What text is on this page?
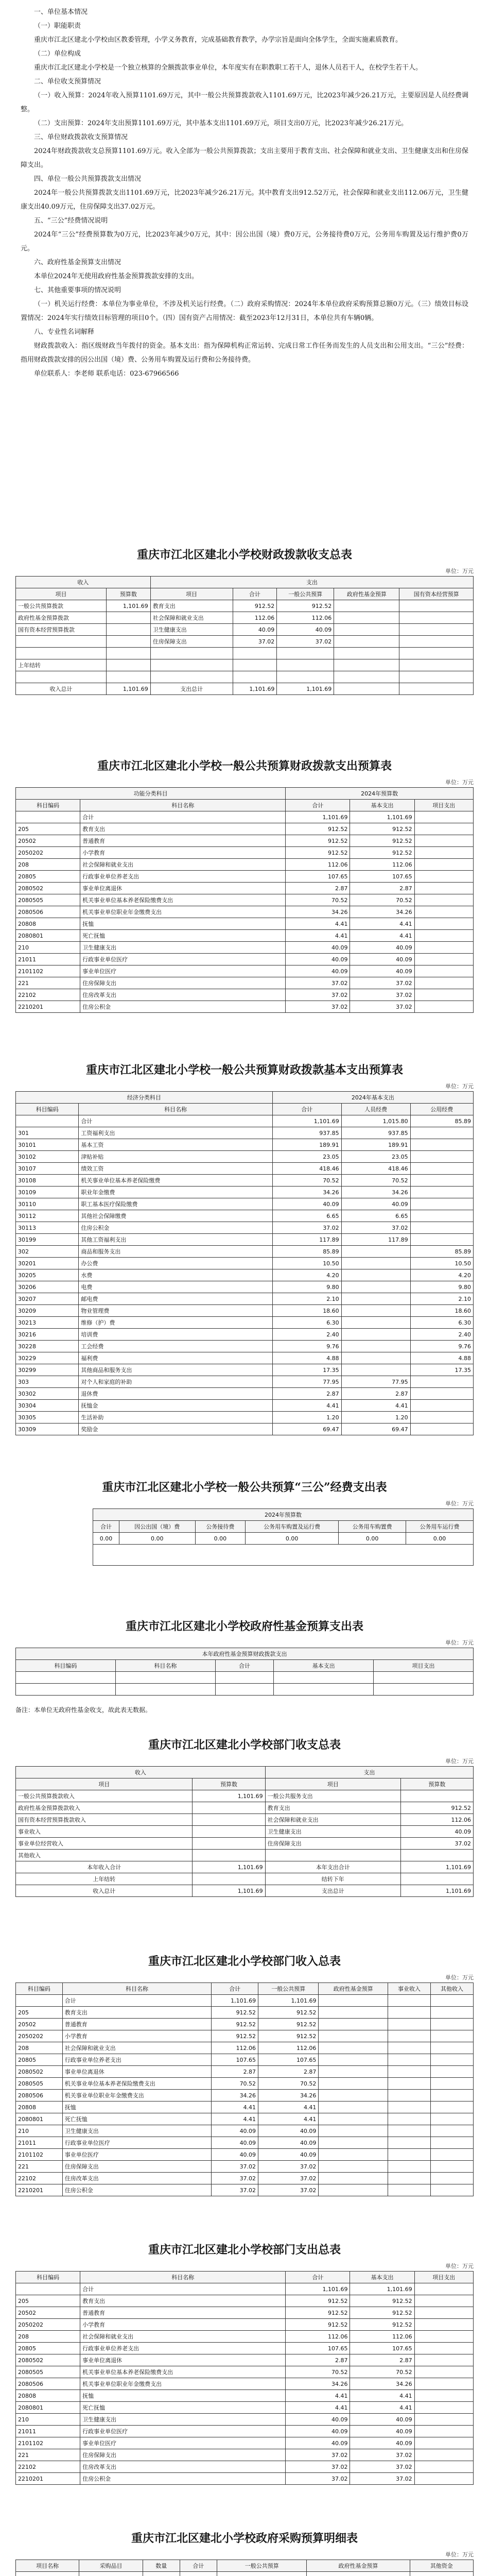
一、单位基本情况
（一）职能职责

重庆市江北区建北小学校由区教委管理，小学义务教育，完成基础教育教学，办学宗旨是面向全体学生，全面实施素质教育。

（二）单位构成

重庆市江北区建北小学校是一个独立核算的全额拨款事业单位，本年度实有在职教职工若干人，退休人员若干人，在校学生若干人。

二、单位收支预算情况

（一）收入预算：2024年收入预算1101.69万元，其中一般公共预算拨款收入1101.69万元，比2023年减少26.21万元，主要原因是人员经费调整。

（二）支出预算：2024年支出预算1101.69万元，其中基本支出1101.69万元，项目支出0万元，比2023年减少26.21万元。

三、单位财政拨款收支预算情况

2024年财政拨款收支总预算1101.69万元。收入全部为一般公共预算拨款；支出主要用于教育支出、社会保障和就业支出、卫生健康支出和住房保障支出。

四、单位一般公共预算拨款支出情况

2024年一般公共预算拨款支出1101.69万元，比2023年减少26.21万元。其中教育支出912.52万元，社会保障和就业支出112.06万元，卫生健康支出40.09万元，住房保障支出37.02万元。

五、“三公”经费情况说明

2024年“三公”经费预算数为0万元，比2023年减少0万元，其中：因公出国（境）费0万元，公务接待费0万元，公务用车购置及运行维护费0万元。

六、政府性基金预算支出情况

本单位2024年无使用政府性基金预算拨款安排的支出。

七、其他重要事项的情况说明

（一）机关运行经费：本单位为事业单位，不涉及机关运行经费。（二）政府采购情况：2024年本单位政府采购预算总额0万元。（三）绩效目标设置情况：2024年实行绩效目标管理的项目0个。（四）国有资产占用情况：截至2023年12月31日，本单位共有车辆0辆。

八、专业性名词解释

财政拨款收入：指区级财政当年拨付的资金。基本支出：指为保障机构正常运转、完成日常工作任务而发生的人员支出和公用支出。“三公”经费：指用财政拨款安排的因公出国（境）费、公务用车购置及运行费和公务接待费。

单位联系人：李老师 联系电话：023-67966566

重庆市江北区建北小学校财政拨款收支总表
单位：万元
收入		支出				
项目	预算数	项目	合计	一般公共预算	政府性基金预算	国有资本经营预算
一般公共预算拨款	1,101.69	教育支出	912.52	912.52		
政府性基金预算拨款		社会保障和就业支出	112.06	112.06		
国有资本经营预算拨款		卫生健康支出	40.09	40.09		
		住房保障支出	37.02	37.02		

上年结转						

收入总计	1,101.69	支出总计	1,101.69	1,101.69		
重庆市江北区建北小学校一般公共预算财政拨款支出预算表
单位：万元
功能分类科目		2024年预算数		
科目编码	科目名称	合计	基本支出	项目支出
	合计	1,101.69	1,101.69	
205	教育支出	912.52	912.52	
20502	普通教育	912.52	912.52	
2050202	小学教育	912.52	912.52	
208	社会保障和就业支出	112.06	112.06	
20805	行政事业单位养老支出	107.65	107.65	
2080502	事业单位离退休	2.87	2.87	
2080505	机关事业单位基本养老保险缴费支出	70.52	70.52	
2080506	机关事业单位职业年金缴费支出	34.26	34.26	
20808	抚恤	4.41	4.41	
2080801	死亡抚恤	4.41	4.41	
210	卫生健康支出	40.09	40.09	
21011	行政事业单位医疗	40.09	40.09	
2101102	事业单位医疗	40.09	40.09	
221	住房保障支出	37.02	37.02	
22102	住房改革支出	37.02	37.02	
2210201	住房公积金	37.02	37.02	
重庆市江北区建北小学校一般公共预算财政拨款基本支出预算表
单位：万元
经济分类科目		2024年基本支出		
科目编码	科目名称	合计	人员经费	公用经费
	合计	1,101.69	1,015.80	85.89
301	工资福利支出	937.85	937.85	
30101	基本工资	189.91	189.91	
30102	津贴补贴	23.05	23.05	
30107	绩效工资	418.46	418.46	
30108	机关事业单位基本养老保险缴费	70.52	70.52	
30109	职业年金缴费	34.26	34.26	
30110	职工基本医疗保险缴费	40.09	40.09	
30112	其他社会保障缴费	6.65	6.65	
30113	住房公积金	37.02	37.02	
30199	其他工资福利支出	117.89	117.89	
302	商品和服务支出	85.89		85.89
30201	办公费	10.50		10.50
30205	水费	4.20		4.20
30206	电费	9.80		9.80
30207	邮电费	2.10		2.10
30209	物业管理费	18.60		18.60
30213	维修（护）费	6.30		6.30
30216	培训费	2.40		2.40
30228	工会经费	9.76		9.76
30229	福利费	4.88		4.88
30299	其他商品和服务支出	17.35		17.35
303	对个人和家庭的补助	77.95	77.95	
30302	退休费	2.87	2.87	
30304	抚恤金	4.41	4.41	
30305	生活补助	1.20	1.20	
30309	奖励金	69.47	69.47	
重庆市江北区建北小学校一般公共预算“三公”经费支出表
单位：万元
2024年预算数					
合计	因公出国（境）费	公务接待费	公务用车购置及运行费	公务用车购置费	公务用车运行费
0.00	0.00	0.00	0.00	0.00	0.00

重庆市江北区建北小学校政府性基金预算支出表
单位：万元
本年政府性基金预算财政拨款支出				
科目编码	科目名称	合计	基本支出	项目支出

备注：本单位无政府性基金收支，故此表无数据。
重庆市江北区建北小学校部门收支总表
单位：万元
收入		支出	
项目	预算数	项目	预算数
一般公共预算拨款收入	1,101.69	一般公共服务支出	
政府性基金预算拨款收入		教育支出	912.52
国有资本经营预算拨款收入		社会保障和就业支出	112.06
事业收入		卫生健康支出	40.09
事业单位经营收入		住房保障支出	37.02
其他收入			
本年收入合计	1,101.69	本年支出合计	1,101.69
上年结转		结转下年	
收入总计	1,101.69	支出总计	1,101.69
重庆市江北区建北小学校部门收入总表
单位：万元
科目编码	科目名称	合计	一般公共预算	政府性基金预算	事业收入	其他收入
	合计	1,101.69	1,101.69			
205	教育支出	912.52	912.52			
20502	普通教育	912.52	912.52			
2050202	小学教育	912.52	912.52			
208	社会保障和就业支出	112.06	112.06			
20805	行政事业单位养老支出	107.65	107.65			
2080502	事业单位离退休	2.87	2.87			
2080505	机关事业单位基本养老保险缴费支出	70.52	70.52			
2080506	机关事业单位职业年金缴费支出	34.26	34.26			
20808	抚恤	4.41	4.41			
2080801	死亡抚恤	4.41	4.41			
210	卫生健康支出	40.09	40.09			
21011	行政事业单位医疗	40.09	40.09			
2101102	事业单位医疗	40.09	40.09			
221	住房保障支出	37.02	37.02			
22102	住房改革支出	37.02	37.02			
2210201	住房公积金	37.02	37.02			
重庆市江北区建北小学校部门支出总表
单位：万元
科目编码	科目名称	合计	基本支出	项目支出
	合计	1,101.69	1,101.69	
205	教育支出	912.52	912.52	
20502	普通教育	912.52	912.52	
2050202	小学教育	912.52	912.52	
208	社会保障和就业支出	112.06	112.06	
20805	行政事业单位养老支出	107.65	107.65	
2080502	事业单位离退休	2.87	2.87	
2080505	机关事业单位基本养老保险缴费支出	70.52	70.52	
2080506	机关事业单位职业年金缴费支出	34.26	34.26	
20808	抚恤	4.41	4.41	
2080801	死亡抚恤	4.41	4.41	
210	卫生健康支出	40.09	40.09	
21011	行政事业单位医疗	40.09	40.09	
2101102	事业单位医疗	40.09	40.09	
221	住房保障支出	37.02	37.02	
22102	住房改革支出	37.02	37.02	
2210201	住房公积金	37.02	37.02	
重庆市江北区建北小学校政府采购预算明细表
单位：万元
项目名称	采购品目	数量	合计	一般公共预算	政府性基金预算	其他资金
